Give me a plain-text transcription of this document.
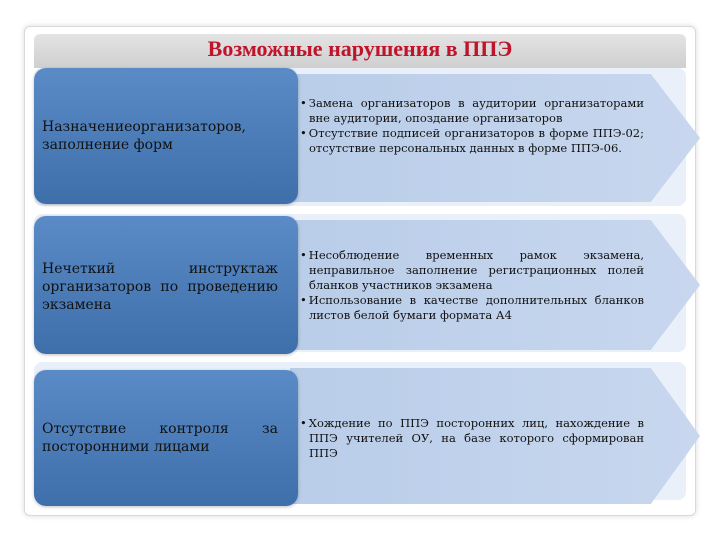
Возможные нарушения в ППЭ
Назначениеорганизаторов, заполнение форм
• Замена организаторов в аудитории организаторами вне аудитории, опоздание организаторов
• Отсутствие подписей организаторов в форме ППЭ-02; отсутствие персональных данных в форме ППЭ-06.
Нечеткий инструктаж организаторов по проведению экзамена
• Несоблюдение временных рамок экзамена, неправильное заполнение регистрационных полей бланков участников экзамена
• Использование в качестве дополнительных бланков листов белой бумаги формата А4
Отсутствие контроля за посторонними лицами
• Хождение по ППЭ посторонних лиц, нахождение в ППЭ учителей ОУ, на базе которого сформирован ППЭ
